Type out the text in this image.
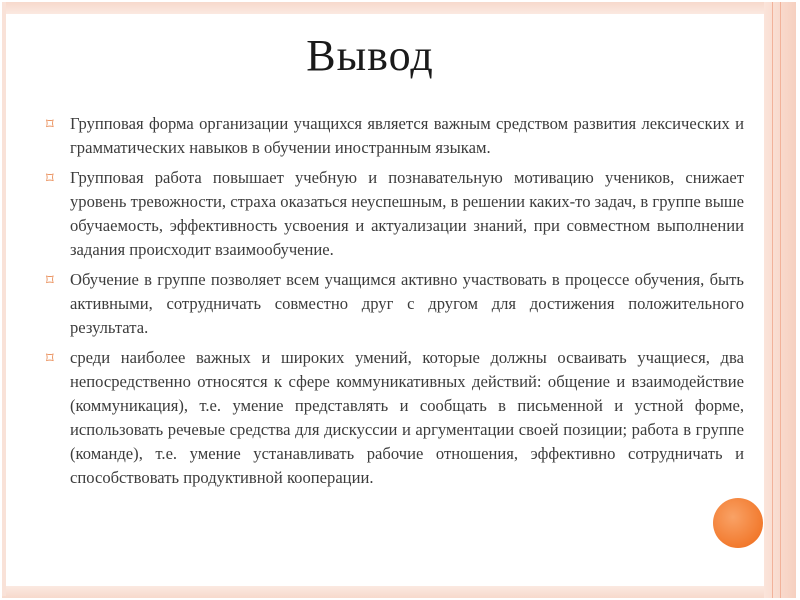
Вывод
⌑ Групповая форма организации учащихся является важным средством развития лексических и грамматических навыков в обучении иностранным языкам.
⌑ Групповая работа повышает учебную и познавательную мотивацию учеников, снижает уровень тревожности, страха оказаться неуспешным, в решении каких-то задач, в группе выше обучаемость, эффективность усвоения и актуализации знаний, при совместном выполнении задания происходит взаимообучение.
⌑ Обучение в группе позволяет всем учащимся активно участвовать в процессе обучения, быть активными, сотрудничать совместно друг с другом для достижения положительного результата.
⌑ среди наиболее важных и широких умений, которые должны осваивать учащиеся, два непосредственно относятся к сфере коммуникативных действий: общение и взаимодействие (коммуникация), т.е. умение представлять и сообщать в письменной и устной форме, использовать речевые средства для дискуссии и аргументации своей позиции; работа в группе (команде), т.е. умение устанавливать рабочие отношения, эффективно сотрудничать и способствовать продуктивной кооперации.
